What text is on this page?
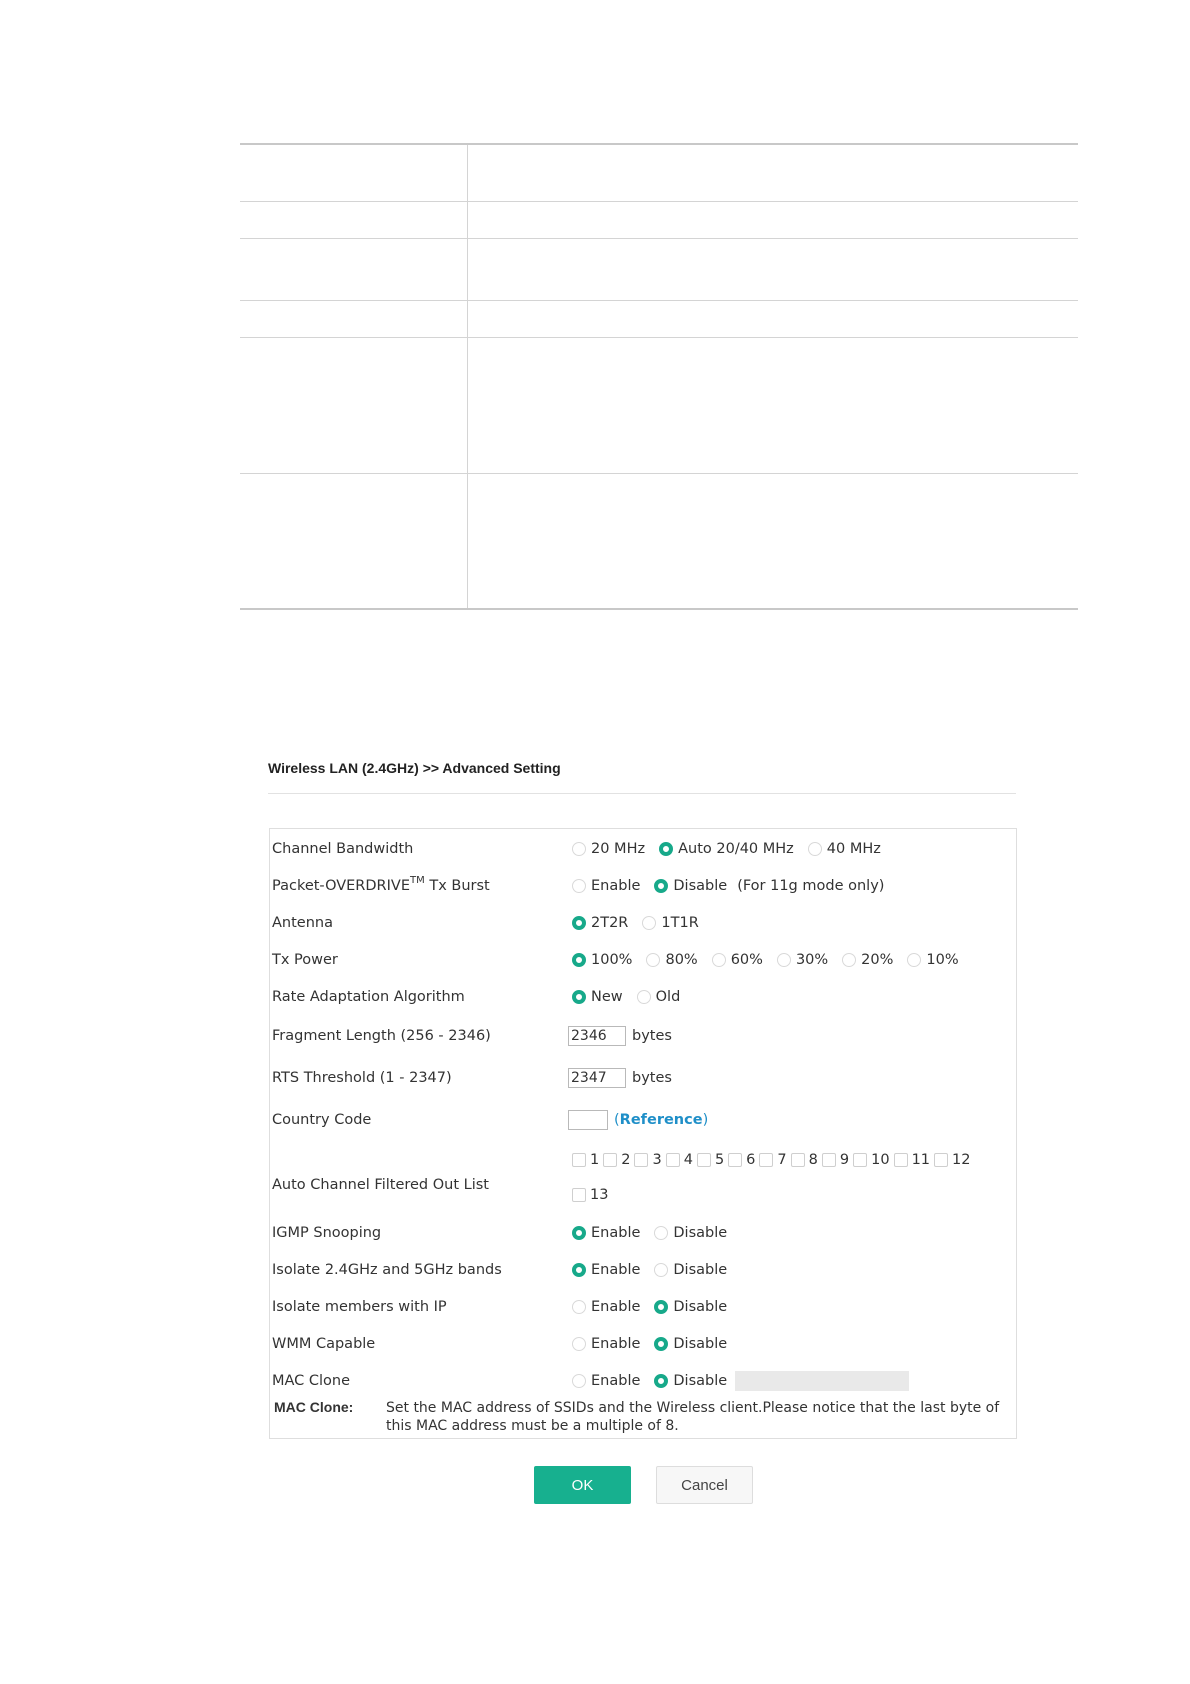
Wireless LAN (2.4GHz) >> Advanced Setting
Channel Bandwidth	20 MHz Auto 20/40 MHz 40 MHz
Packet-OVERDRIVE™ Tx Burst	Enable Disable (For 11g mode only)
Antenna	2T2R 1T1R
Tx Power	100% 80% 60% 30% 20% 10%
Rate Adaptation Algorithm	New Old
Fragment Length (256 - 2346)	2346	bytes
RTS Threshold (1 - 2347)	2347	bytes
Country Code	( Reference )
Auto Channel Filtered Out List
1 2 3 4 5 6 7 8 9 10 11 12
13
IGMP Snooping	Enable Disable
Isolate 2.4GHz and 5GHz bands	Enable Disable
Isolate members with IP	Enable Disable
WMM Capable	Enable Disable
MAC Clone	Enable Disable
MAC Clone: Set the MAC address of SSIDs and the Wireless client.Please notice that the last byte of this MAC address must be a multiple of 8.
OK	Cancel
